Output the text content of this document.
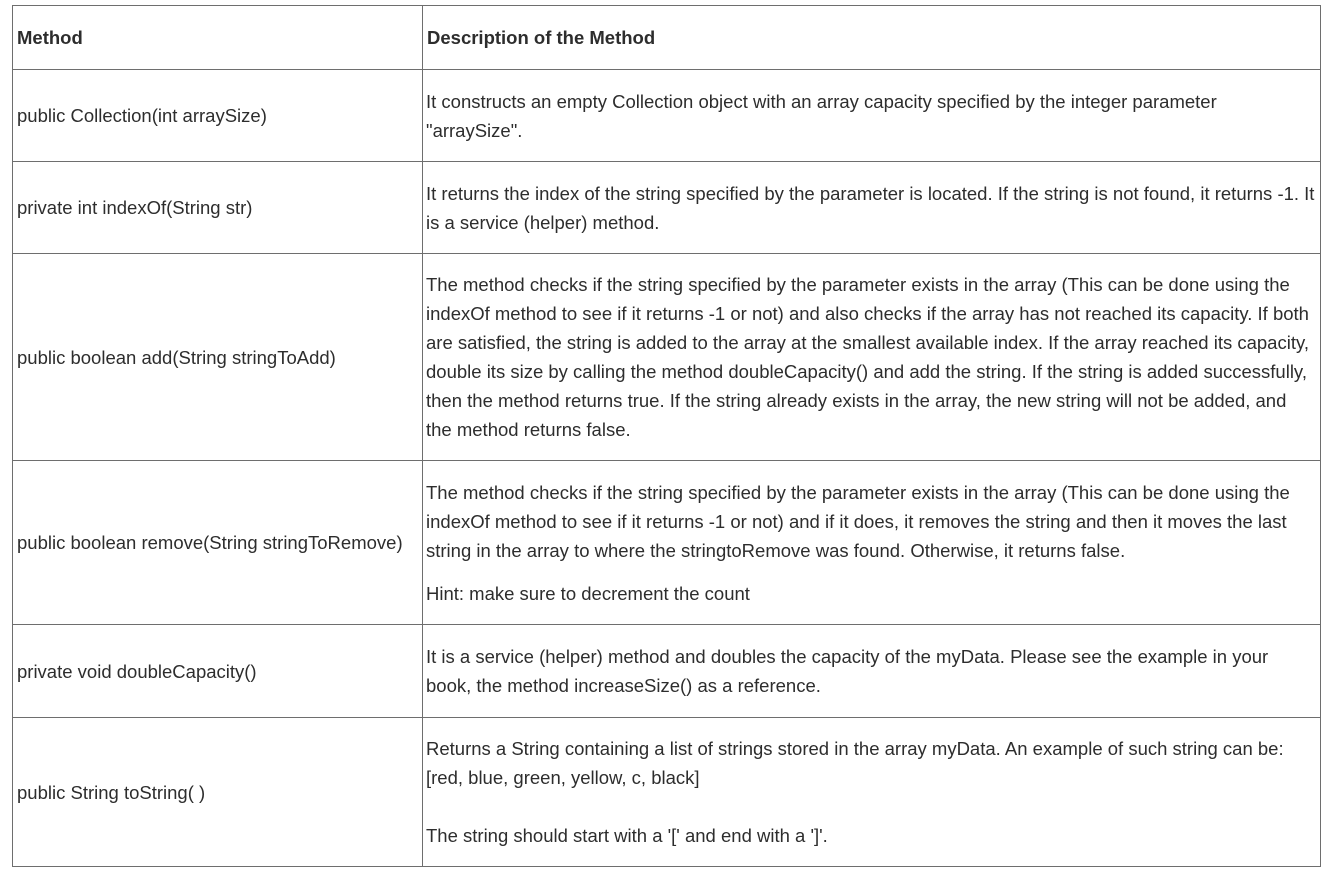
Method	Description of the Method
public Collection(int arraySize)	It constructs an empty Collection object with an array capacity specified by the integer parameter "arraySize".

private int indexOf(String str)	It returns the index of the string specified by the parameter is located. If the string is not found, it returns -1. It is a service (helper) method.

public boolean add(String stringToAdd)	The method checks if the string specified by the parameter exists in the array (This can be done using the indexOf method to see if it returns -1 or not) and also checks if the array has not reached its capacity. If both are satisfied, the string is added to the array at the smallest available index. If the array reached its capacity, double its size by calling the method doubleCapacity() and add the string. If the string is added successfully, then the method returns true. If the string already exists in the array, the new string will not be added, and the method returns false.

public boolean remove(String stringToRemove)	The method checks if the string specified by the parameter exists in the array (This can be done using the indexOf method to see if it returns -1 or not) and if it does, it removes the string and then it moves the last string in the array to where the stringtoRemove was found. Otherwise, it returns false.

Hint: make sure to decrement the count

private void doubleCapacity()	It is a service (helper) method and doubles the capacity of the myData. Please see the example in your book, the method increaseSize() as a reference.

public String toString( )	Returns a String containing a list of strings stored in the array myData. An example of such string can be: [red, blue, green, yellow, c, black]

The string should start with a '[' and end with a ']'.
